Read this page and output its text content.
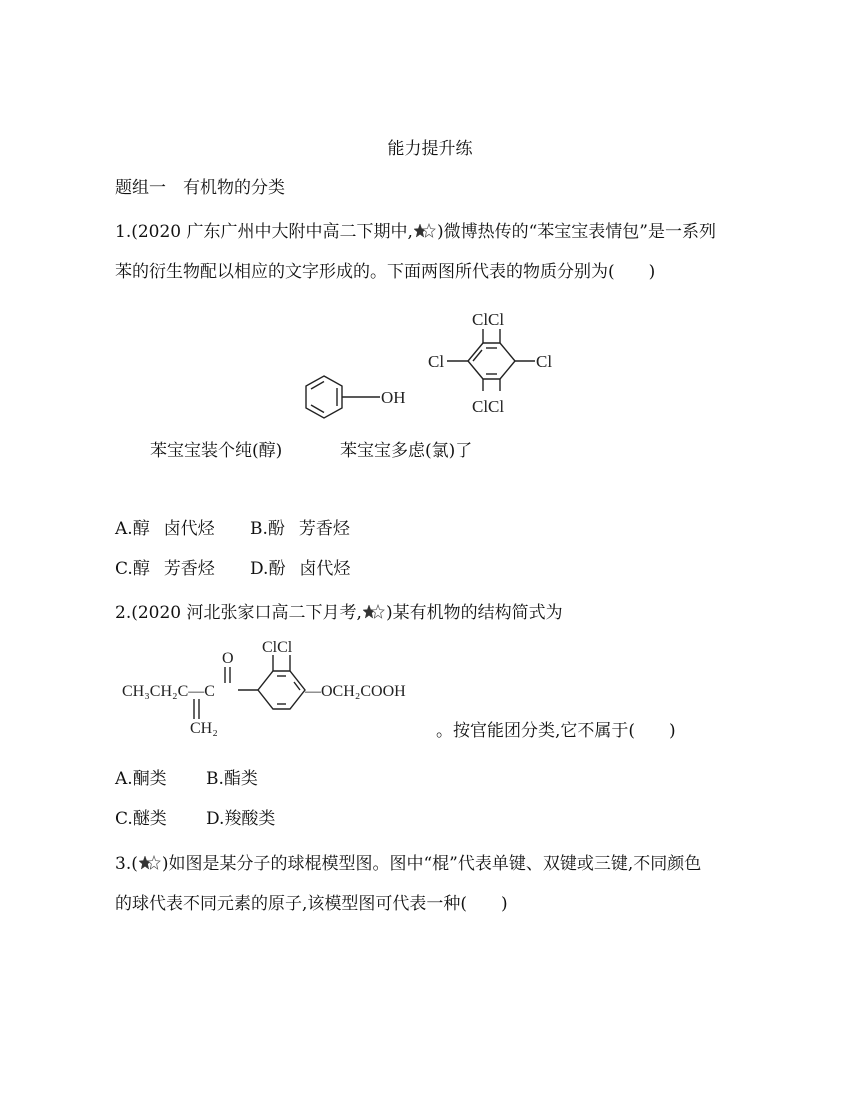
能力提升练
题组一　有机物的分类
1.(2020 广东广州中大附中高二下期中, )微博热传的“苯宝宝表情包”是一系列
苯的衍生物配以相应的文字形成的。下面两图所代表的物质分别为(　　)
OH
ClCl
Cl	Cl
ClCl
苯宝宝装个纯(醇)	苯宝宝多虑(氯)了
A.醇 卤代烃 B.酚 芳香烃
C.醇 芳香烃 D.酚 卤代烃
2.(2020 河北张家口高二下月考, )某有机物的结构简式为
O
CH₃CH₂C—C
ClCl
—OCH₂COOH
CH₂	。按官能团分类,它不属于(　　)
A.酮类 B.酯类
C.醚类 D.羧酸类
3.( )如图是某分子的球棍模型图。图中“棍”代表单键、双键或三键,不同颜色
的球代表不同元素的原子,该模型图可代表一种(　　)
